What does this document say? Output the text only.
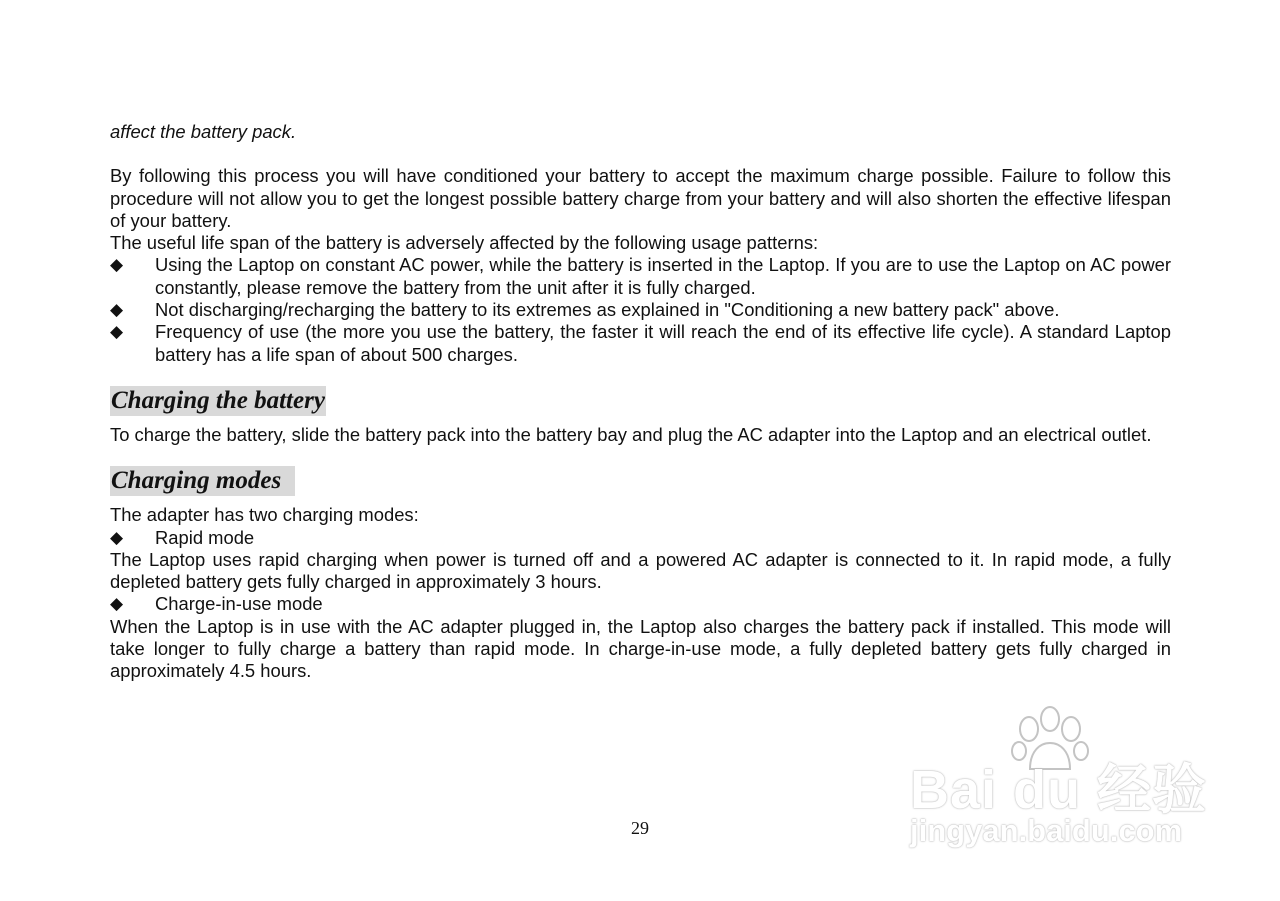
affect the battery pack.

By following this process you will have conditioned your battery to accept the maximum charge possible. Failure to follow this procedure will not allow you to get the longest possible battery charge from your battery and will also shorten the effective lifespan of your battery.

The useful life span of the battery is adversely affected by the following usage patterns:

◆	Using the Laptop on constant AC power, while the battery is inserted in the Laptop. If you are to use the Laptop on AC power constantly, please remove the battery from the unit after it is fully charged.
◆	Not discharging/recharging the battery to its extremes as explained in "Conditioning a new battery pack" above.
◆	Frequency of use (the more you use the battery, the faster it will reach the end of its effective life cycle). A standard Laptop battery has a life span of about 500 charges.
Charging the battery

To charge the battery, slide the battery pack into the battery bay and plug the AC adapter into the Laptop and an electrical outlet.

Charging modes

The adapter has two charging modes:

◆	Rapid mode

The Laptop uses rapid charging when power is turned off and a powered AC adapter is connected to it. In rapid mode, a fully depleted battery gets fully charged in approximately 3 hours.

◆	Charge-in-use mode

When the Laptop is in use with the AC adapter plugged in, the Laptop also charges the battery pack if installed. This mode will take longer to fully charge a battery than rapid mode. In charge-in-use mode, a fully depleted battery gets fully charged in approximately 4.5 hours.

29
Bai du 经验
jingyan.baidu.com
